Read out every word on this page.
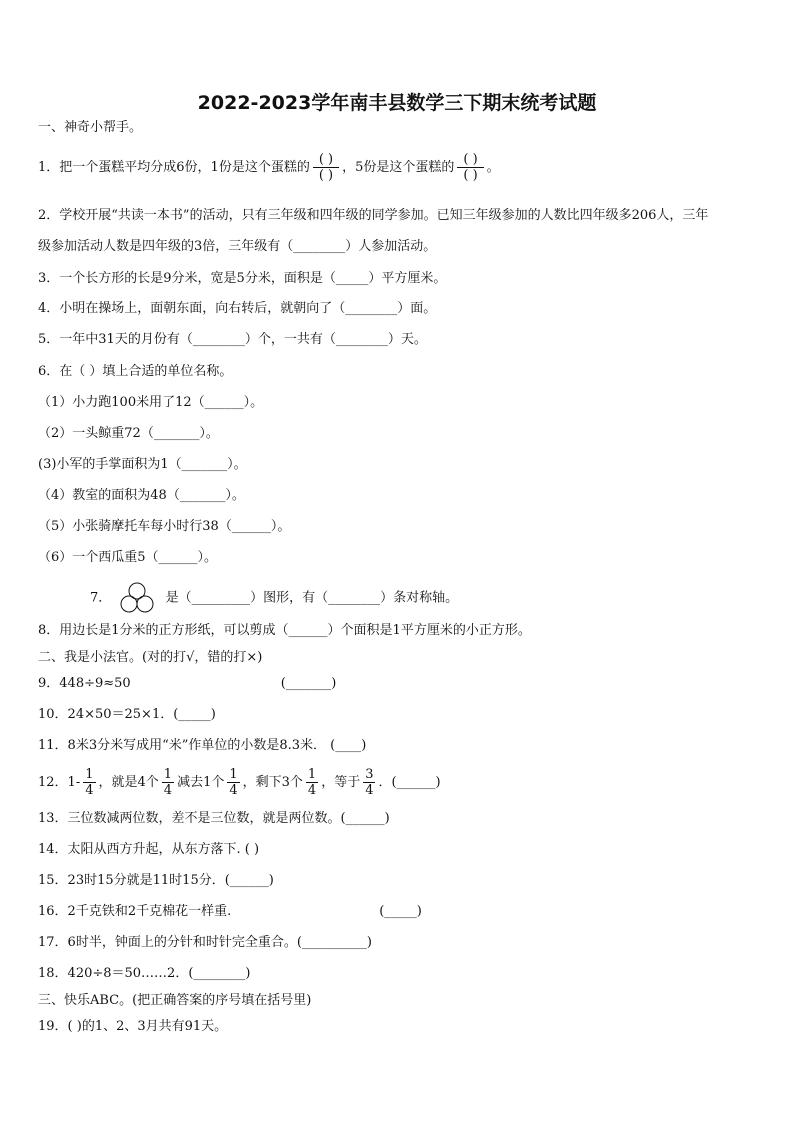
2022-2023学年南丰县数学三下期末统考试题
一、神奇小帮手。
1．把一个蛋糕平均分成6份，1份是这个蛋糕的 $\frac{( )}{( )}$ ，5份是这个蛋糕的 $\frac{( )}{( )}$ 。
2．学校开展“共读一本书”的活动，只有三年级和四年级的同学参加。已知三年级参加的人数比四年级多206人，三年
级参加活动人数是四年级的3倍，三年级有（________）人参加活动。
3．一个长方形的长是9分米，宽是5分米，面积是（_____）平方厘米。
4．小明在操场上，面朝东面，向右转后，就朝向了（________）面。
5．一年中31天的月份有（________）个，一共有（________）天。
6．在（ ）填上合适的单位名称。
（1）小力跑100米用了12（______）。
（2）一头鲸重72（_______）。
(3)小军的手掌面积为1（_______）。
（4）教室的面积为48（_______）。
（5）小张骑摩托车每小时行38（______）。
（6）一个西瓜重5（______）。
7．	是（_________）图形，有（________）条对称轴。
8．用边长是1分米的正方形纸，可以剪成（______）个面积是1平方厘米的小正方形。
二、我是小法官。(对的打√，错的打×)
9．448÷9≈50	(_______)
10．24×50＝25×1．(_____)
11．8米3分米写成用“米”作单位的小数是8.3米． (____)
12．$1- \frac{1}{4}$ ，就是4个 $\frac{1}{4}$ 减去1个 $\frac{1}{4}$ ，剩下3个 $\frac{1}{4}$ ，等于 $\frac{3}{4}$ ．(______)
13．三位数减两位数，差不是三位数，就是两位数。(______)
14．太阳从西方升起，从东方落下. ( )
15．23时15分就是11时15分．(______)
16．2千克铁和2千克棉花一样重.	(_____)
17．6时半，钟面上的分针和时针完全重合。(__________)
18．420÷8＝50……2．(________)
三、快乐ABC。(把正确答案的序号填在括号里)
19．( )的1、2、3月共有91天。
